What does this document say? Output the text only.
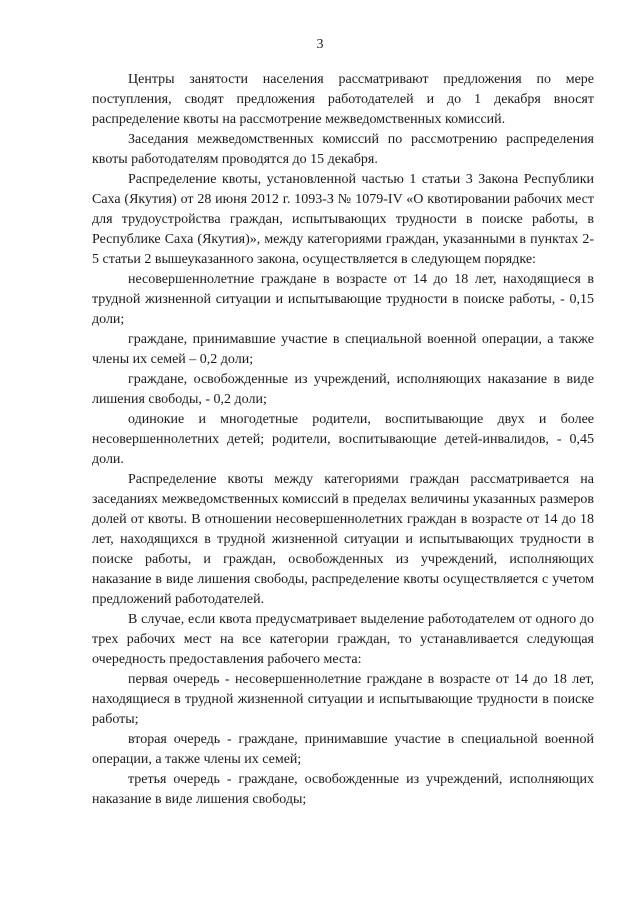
3

Центры занятости населения рассматривают предложения по мере поступления, сводят предложения работодателей и до 1 декабря вносят распределение квоты на рассмотрение межведомственных комиссий.

Заседания межведомственных комиссий по рассмотрению распределения квоты работодателям проводятся до 15 декабря.

Распределение квоты, установленной частью 1 статьи 3 Закона Республики Саха (Якутия) от 28 июня 2012 г. 1093-З № 1079-IV «О квотировании рабочих мест для трудоустройства граждан, испытывающих трудности в поиске работы, в Республике Саха (Якутия)», между категориями граждан, указанными в пунктах 2-5 статьи 2 вышеуказанного закона, осуществляется в следующем порядке:

несовершеннолетние граждане в возрасте от 14 до 18 лет, находящиеся в трудной жизненной ситуации и испытывающие трудности в поиске работы, - 0,15 доли;

граждане, принимавшие участие в специальной военной операции, а также члены их семей – 0,2 доли;

граждане, освобожденные из учреждений, исполняющих наказание в виде лишения свободы, - 0,2 доли;

одинокие и многодетные родители, воспитывающие двух и более несовершеннолетних детей; родители, воспитывающие детей-инвалидов, - 0,45 доли.

Распределение квоты между категориями граждан рассматривается на заседаниях межведомственных комиссий в пределах величины указанных размеров долей от квоты. В отношении несовершеннолетних граждан в возрасте от 14 до 18 лет, находящихся в трудной жизненной ситуации и испытывающих трудности в поиске работы, и граждан, освобожденных из учреждений, исполняющих наказание в виде лишения свободы, распределение квоты осуществляется с учетом предложений работодателей.

В случае, если квота предусматривает выделение работодателем от одного до трех рабочих мест на все категории граждан, то устанавливается следующая очередность предоставления рабочего места:

первая очередь - несовершеннолетние граждане в возрасте от 14 до 18 лет, находящиеся в трудной жизненной ситуации и испытывающие трудности в поиске работы;

вторая очередь - граждане, принимавшие участие в специальной военной операции, а также члены их семей;

третья очередь - граждане, освобожденные из учреждений, исполняющих наказание в виде лишения свободы;
